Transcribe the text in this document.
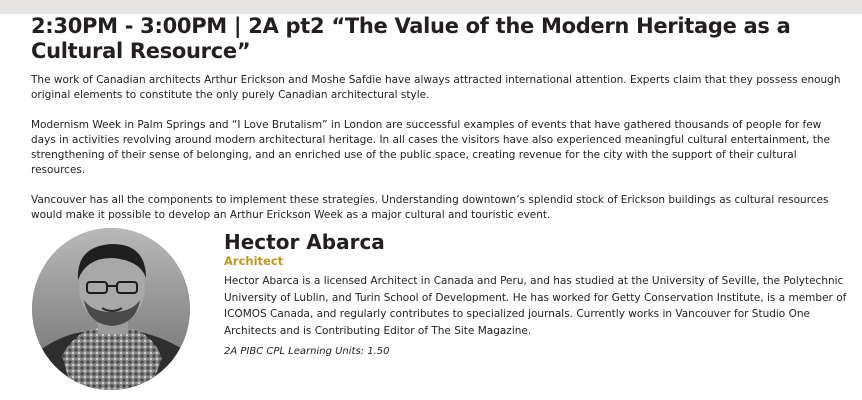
2:30PM - 3:00PM | 2A pt2 “The Value of the Modern Heritage as a Cultural Resource”

The work of Canadian architects Arthur Erickson and Moshe Safdie have always attracted international attention. Experts claim that they possess enough original elements to constitute the only purely Canadian architectural style.

Modernism Week in Palm Springs and “I Love Brutalism” in London are successful examples of events that have gathered thousands of people for few days in activities revolving around modern architectural heritage. In all cases the visitors have also experienced meaningful cultural entertainment, the strengthening of their sense of belonging, and an enriched use of the public space, creating revenue for the city with the support of their cultural resources.

Vancouver has all the components to implement these strategies. Understanding downtown’s splendid stock of Erickson buildings as cultural resources would make it possible to develop an Arthur Erickson Week as a major cultural and touristic event.

Hector Abarca
Architect

Hector Abarca is a licensed Architect in Canada and Peru, and has studied at the University of Seville, the Polytechnic University of Lublin, and Turin School of Development. He has worked for Getty Conservation Institute, is a member of ICOMOS Canada, and regularly contributes to specialized journals. Currently works in Vancouver for Studio One Architects and is Contributing Editor of The Site Magazine.

2A PIBC CPL Learning Units: 1.50
